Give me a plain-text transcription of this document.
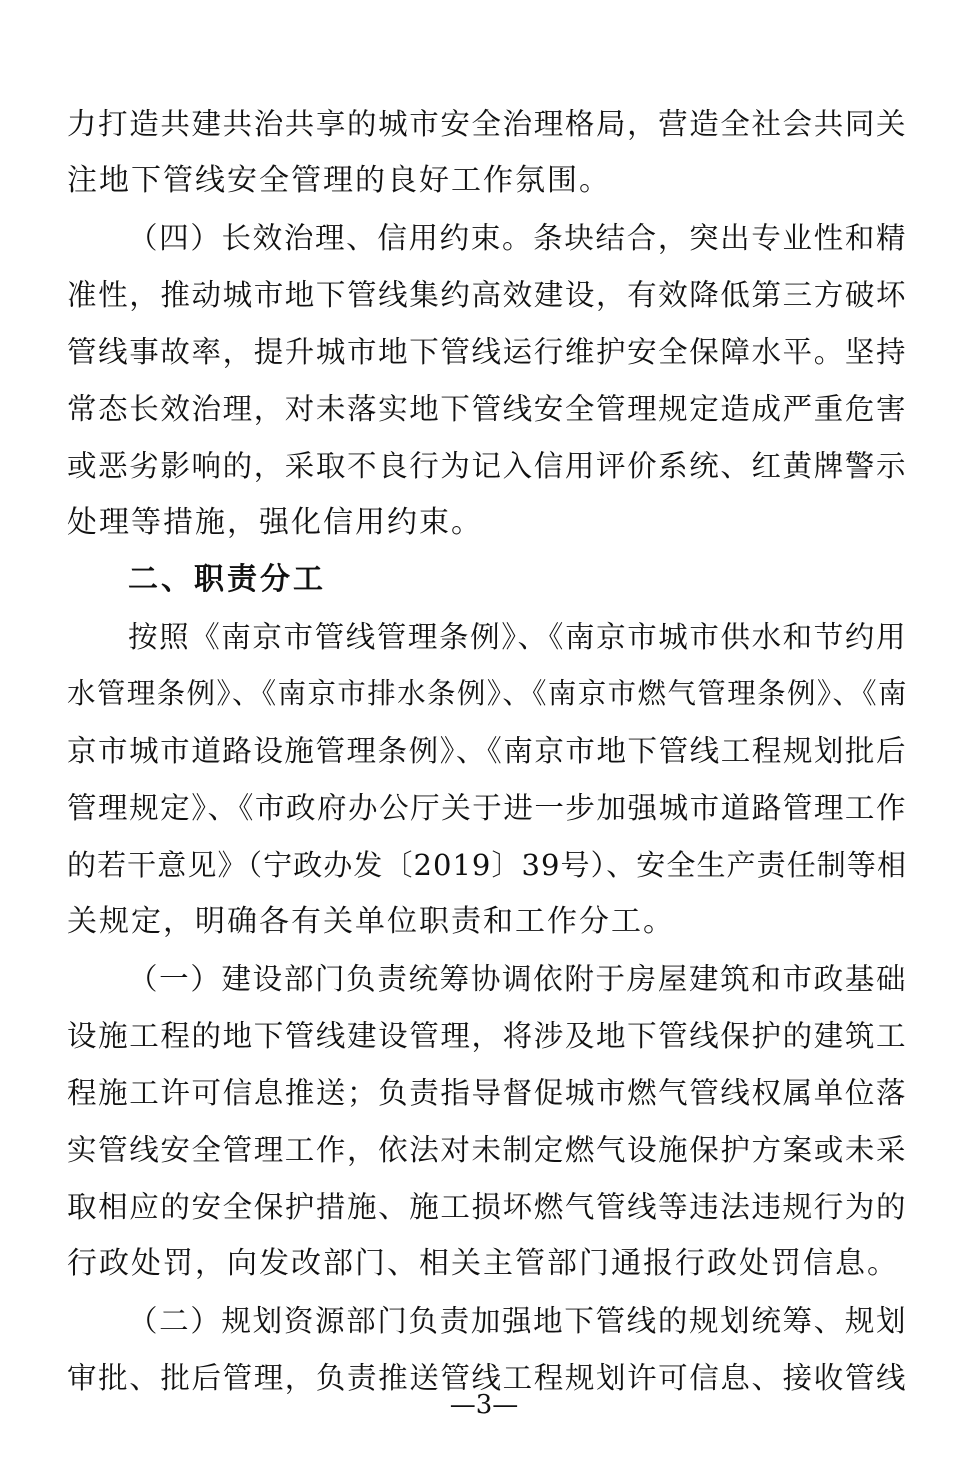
力打造共建共治共享的城市安全治理格局，营造全社会共同关
注地下管线安全管理的良好工作氛围。
（四）长效治理、信用约束。条块结合，突出专业性和精
准性，推动城市地下管线集约高效建设，有效降低第三方破坏
管线事故率，提升城市地下管线运行维护安全保障水平。坚持
常态长效治理，对未落实地下管线安全管理规定造成严重危害
或恶劣影响的，采取不良行为记入信用评价系统、红黄牌警示
处理等措施，强化信用约束。
二、职责分工
按照《南京市管线管理条例》、《南京市城市供水和节约用
水管理条例》、《南京市排水条例》、《南京市燃气管理条例》、《南
京市城市道路设施管理条例》、《南京市地下管线工程规划批后
管理规定》、《市政府办公厅关于进一步加强城市道路管理工作
的若干意见》（宁政办发〔2019〕39号）、安全生产责任制等相
关规定，明确各有关单位职责和工作分工。
（一）建设部门负责统筹协调依附于房屋建筑和市政基础
设施工程的地下管线建设管理，将涉及地下管线保护的建筑工
程施工许可信息推送；负责指导督促城市燃气管线权属单位落
实管线安全管理工作，依法对未制定燃气设施保护方案或未采
取相应的安全保护措施、施工损坏燃气管线等违法违规行为的
行政处罚，向发改部门、相关主管部门通报行政处罚信息。
（二）规划资源部门负责加强地下管线的规划统筹、规划
审批、批后管理，负责推送管线工程规划许可信息、接收管线
—3—
